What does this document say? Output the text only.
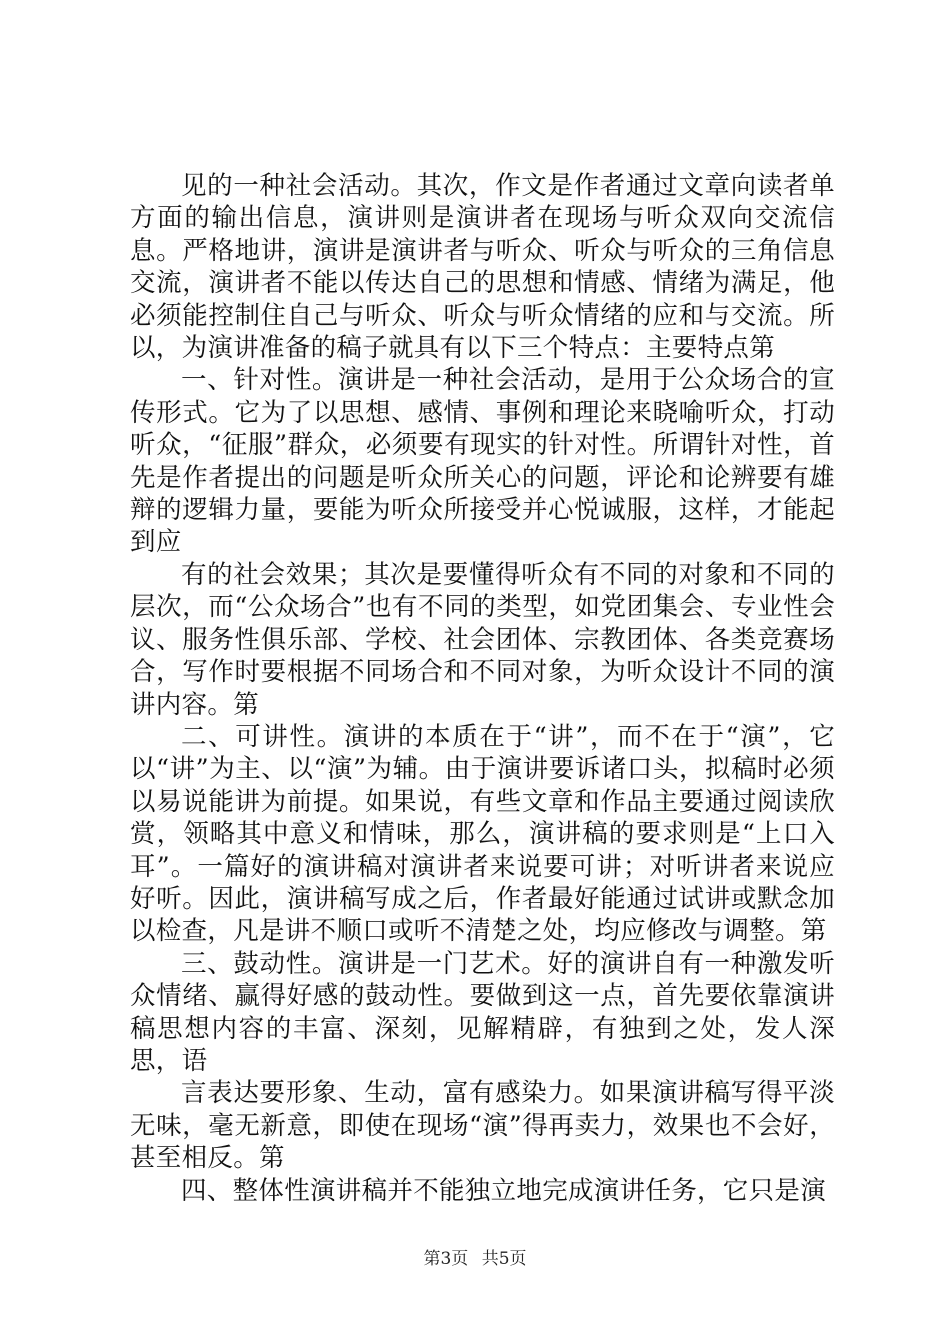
见的一种社会活动。其次，作文是作者通过文章向读者单方面的输出信息，演讲则是演讲者在现场与听众双向交流信息。严格地讲，演讲是演讲者与听众、听众与听众的三角信息交流，演讲者不能以传达自己的思想和情感、情绪为满足，他必须能控制住自己与听众、听众与听众情绪的应和与交流。所以，为演讲准备的稿子就具有以下三个特点：主要特点第

一、针对性。演讲是一种社会活动，是用于公众场合的宣传形式。它为了以思想、感情、事例和理论来晓喻听众，打动听众，“征服”群众，必须要有现实的针对性。所谓针对性，首先是作者提出的问题是听众所关心的问题，评论和论辨要有雄辩的逻辑力量，要能为听众所接受并心悦诚服，这样，才能起到应

有的社会效果；其次是要懂得听众有不同的对象和不同的层次，而“公众场合”也有不同的类型，如党团集会、专业性会议、服务性俱乐部、学校、社会团体、宗教团体、各类竞赛场合，写作时要根据不同场合和不同对象，为听众设计不同的演讲内容。第

二、可讲性。演讲的本质在于“讲”，而不在于“演”，它以“讲”为主、以“演”为辅。由于演讲要诉诸口头，拟稿时必须以易说能讲为前提。如果说，有些文章和作品主要通过阅读欣赏，领略其中意义和情味，那么，演讲稿的要求则是“上口入耳”。一篇好的演讲稿对演讲者来说要可讲；对听讲者来说应好听。因此，演讲稿写成之后，作者最好能通过试讲或默念加以检查，凡是讲不顺口或听不清楚之处，均应修改与调整。第

三、鼓动性。演讲是一门艺术。好的演讲自有一种激发听众情绪、赢得好感的鼓动性。要做到这一点，首先要依靠演讲稿思想内容的丰富、深刻，见解精辟，有独到之处，发人深思，语

言表达要形象、生动，富有感染力。如果演讲稿写得平淡无味，毫无新意，即使在现场“演”得再卖力，效果也不会好，甚至相反。第

四、整体性演讲稿并不能独立地完成演讲任务，它只是演

第3页 共5页
